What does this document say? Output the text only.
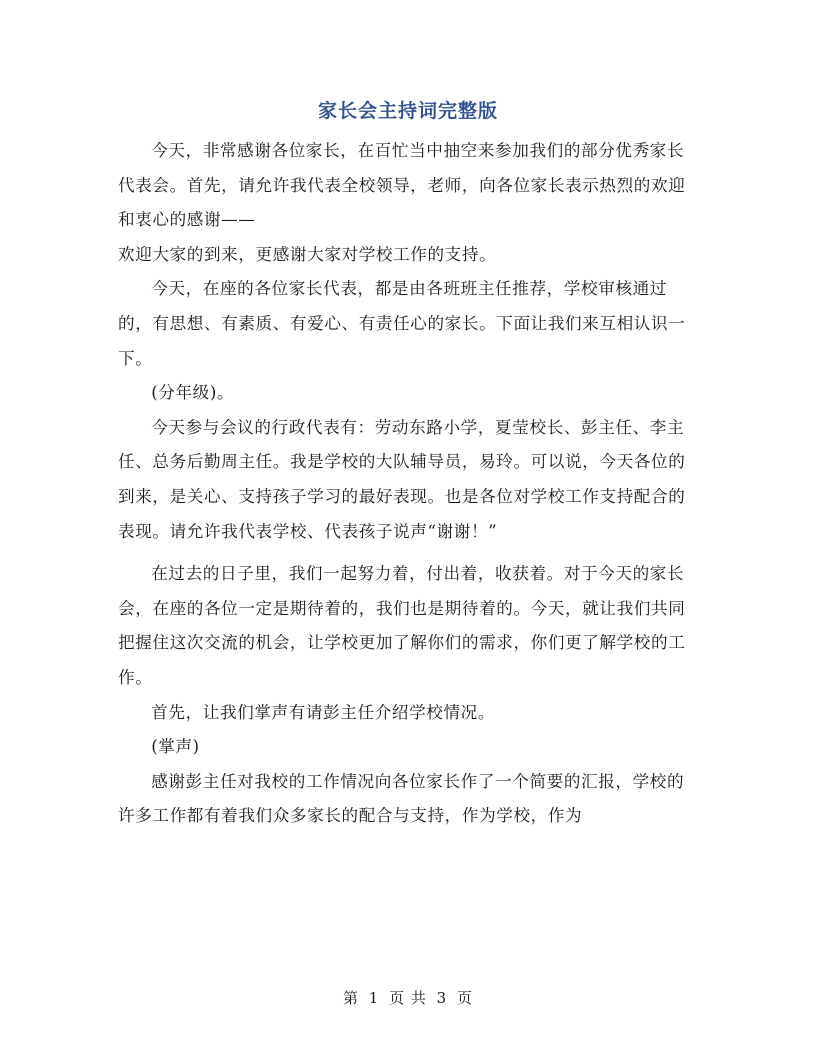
家长会主持词完整版

今天，非常感谢各位家长，在百忙当中抽空来参加我们的部分优秀家长代表会。首先，请允许我代表全校领导，老师，向各位家长表示热烈的欢迎和衷心的感谢——

欢迎大家的到来，更感谢大家对学校工作的支持。

今天，在座的各位家长代表，都是由各班班主任推荐，学校审核通过的，有思想、有素质、有爱心、有责任心的家长。下面让我们来互相认识一下。

(分年级)。

今天参与会议的行政代表有：劳动东路小学，夏莹校长、彭主任、李主任、总务后勤周主任。我是学校的大队辅导员，易玲。可以说，今天各位的到来，是关心、支持孩子学习的最好表现。也是各位对学校工作支持配合的表现。请允许我代表学校、代表孩子说声“谢谢！”

在过去的日子里，我们一起努力着，付出着，收获着。对于今天的家长会，在座的各位一定是期待着的，我们也是期待着的。今天，就让我们共同把握住这次交流的机会，让学校更加了解你们的需求，你们更了解学校的工作。

首先，让我们掌声有请彭主任介绍学校情况。

(掌声)

感谢彭主任对我校的工作情况向各位家长作了一个简要的汇报，学校的许多工作都有着我们众多家长的配合与支持，作为学校，作为

第 1 页 共 3 页
